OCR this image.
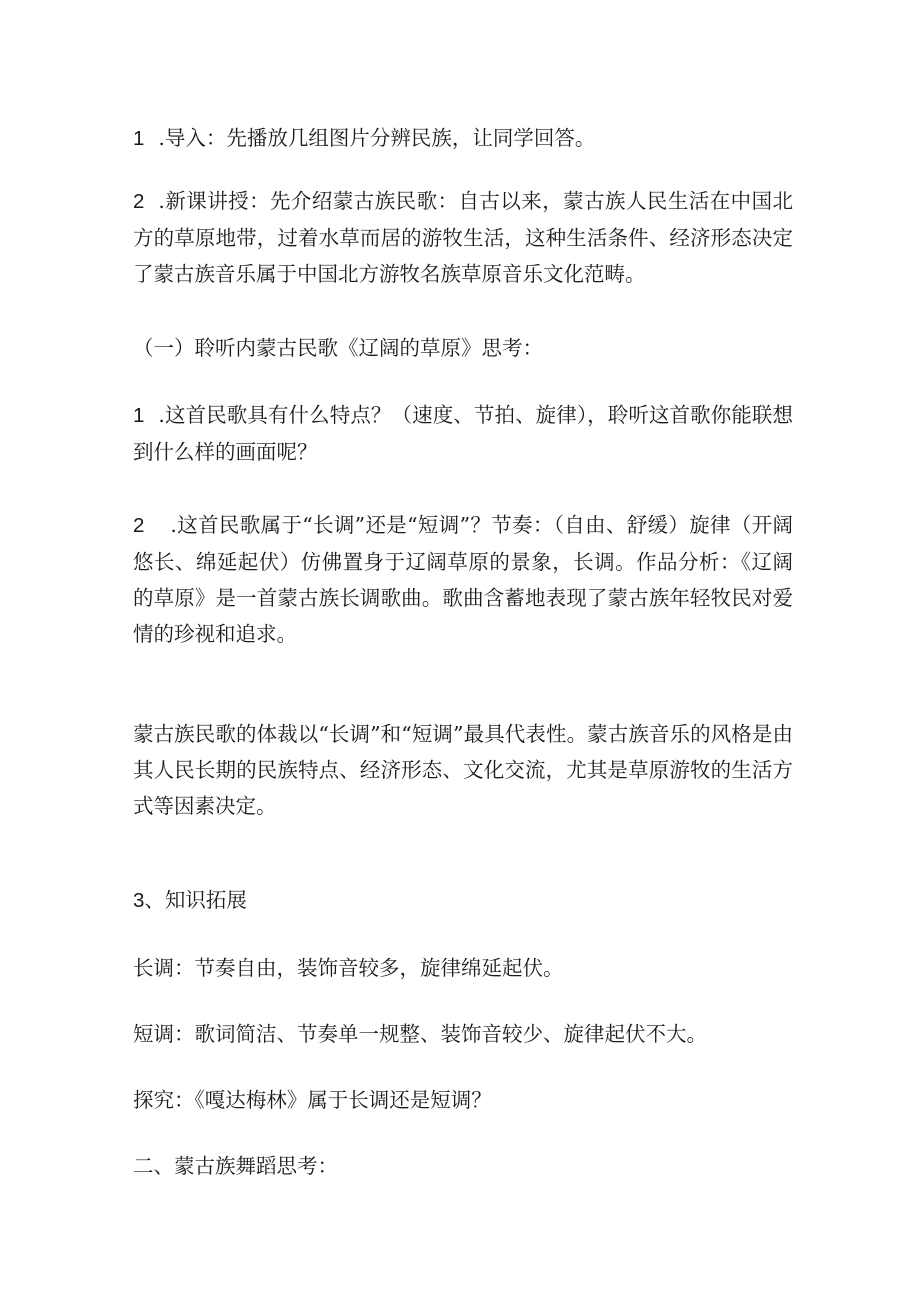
1 .导入：先播放几组图片分辨民族，让同学回答。

2 .新课讲授：先介绍蒙古族民歌：自古以来，蒙古族人民生活在中国北方的草原地带，过着水草而居的游牧生活，这种生活条件、经济形态决定了蒙古族音乐属于中国北方游牧名族草原音乐文化范畴。

（一）聆听内蒙古民歌《辽阔的草原》思考：

1 .这首民歌具有什么特点？（速度、节拍、旋律），聆听这首歌你能联想到什么样的画面呢？

2 .这首民歌属于“长调”还是“短调”？节奏：（自由、舒缓）旋律（开阔悠长、绵延起伏）仿佛置身于辽阔草原的景象，长调。作品分析：《辽阔的草原》是一首蒙古族长调歌曲。歌曲含蓄地表现了蒙古族年轻牧民对爱情的珍视和追求。

蒙古族民歌的体裁以“长调”和“短调”最具代表性。蒙古族音乐的风格是由其人民长期的民族特点、经济形态、文化交流，尤其是草原游牧的生活方式等因素决定。

3、知识拓展

长调：节奏自由，装饰音较多，旋律绵延起伏。

短调：歌词简洁、节奏单一规整、装饰音较少、旋律起伏不大。

探究：《嘎达梅林》属于长调还是短调？

二、蒙古族舞蹈思考：
